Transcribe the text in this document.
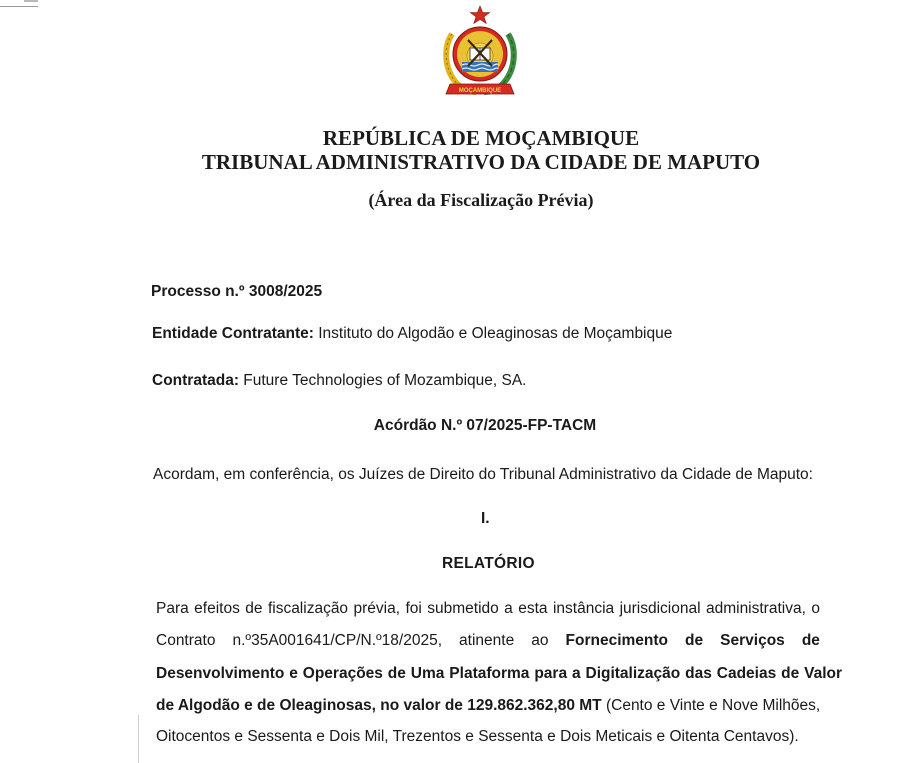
MOÇAMBIQUE
REPÚBLICA DE MOÇAMBIQUE
TRIBUNAL ADMINISTRATIVO DA CIDADE DE MAPUTO
(Área da Fiscalização Prévia)
Processo n.º 3008/2025
Entidade Contratante: Instituto do Algodão e Oleaginosas de Moçambique
Contratada: Future Technologies of Mozambique, SA.
Acórdão N.º 07/2025-FP-TACM
Acordam, em conferência, os Juízes de Direito do Tribunal Administrativo da Cidade de Maputo:
I.
RELATÓRIO
Para efeitos de fiscalização prévia, foi submetido a esta instância jurisdicional administrativa, o
Contrato n.º35A001641/CP/N.º18/2025, atinente ao Fornecimento de Serviços de
Desenvolvimento e Operações de Uma Plataforma para a Digitalização das Cadeias de Valor
de Algodão e de Oleaginosas, no valor de 129.862.362,80 MT (Cento e Vinte e Nove Milhões,
Oitocentos e Sessenta e Dois Mil, Trezentos e Sessenta e Dois Meticais e Oitenta Centavos).
